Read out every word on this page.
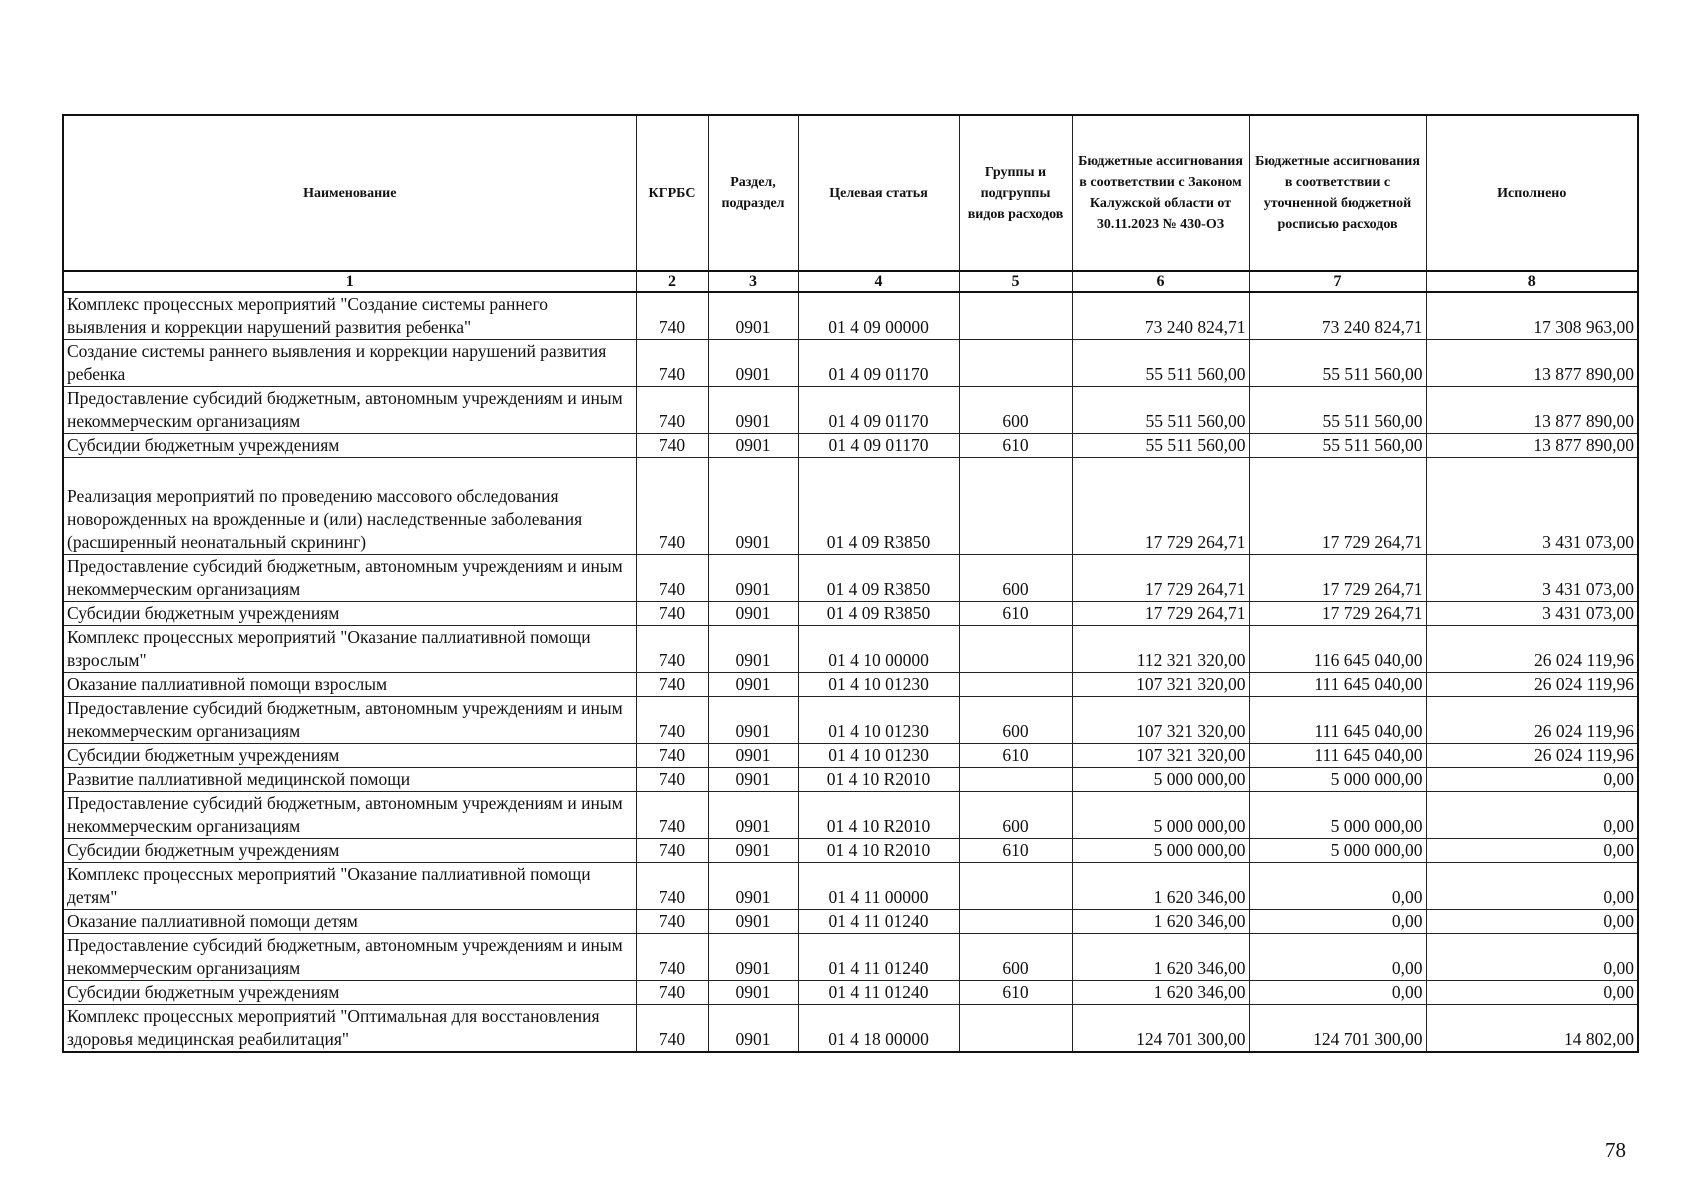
Наименование	КГРБС	Раздел, подраздел	Целевая статья	Группы и подгруппы видов расходов	Бюджетные ассигнования в соответствии с Законом Калужской области от 30.11.2023 № 430-ОЗ	Бюджетные ассигнования в соответствии с уточненной бюджетной росписью расходов	Исполнено
1	2	3	4	5	6	7	8
Комплекс процессных мероприятий "Создание системы раннего выявления и коррекции нарушений развития ребенка"	740	0901	01 4 09 00000		73 240 824,71	73 240 824,71	17 308 963,00
Создание системы раннего выявления и коррекции нарушений развития ребенка	740	0901	01 4 09 01170		55 511 560,00	55 511 560,00	13 877 890,00
Предоставление субсидий бюджетным, автономным учреждениям и иным некоммерческим организациям	740	0901	01 4 09 01170	600	55 511 560,00	55 511 560,00	13 877 890,00
Субсидии бюджетным учреждениям	740	0901	01 4 09 01170	610	55 511 560,00	55 511 560,00	13 877 890,00
Реализация мероприятий по проведению массового обследования новорожденных на врожденные и (или) наследственные заболевания (расширенный неонатальный скрининг)	740	0901	01 4 09 R3850		17 729 264,71	17 729 264,71	3 431 073,00
Предоставление субсидий бюджетным, автономным учреждениям и иным некоммерческим организациям	740	0901	01 4 09 R3850	600	17 729 264,71	17 729 264,71	3 431 073,00
Субсидии бюджетным учреждениям	740	0901	01 4 09 R3850	610	17 729 264,71	17 729 264,71	3 431 073,00
Комплекс процессных мероприятий "Оказание паллиативной помощи взрослым"	740	0901	01 4 10 00000		112 321 320,00	116 645 040,00	26 024 119,96
Оказание паллиативной помощи взрослым	740	0901	01 4 10 01230		107 321 320,00	111 645 040,00	26 024 119,96
Предоставление субсидий бюджетным, автономным учреждениям и иным некоммерческим организациям	740	0901	01 4 10 01230	600	107 321 320,00	111 645 040,00	26 024 119,96
Субсидии бюджетным учреждениям	740	0901	01 4 10 01230	610	107 321 320,00	111 645 040,00	26 024 119,96
Развитие паллиативной медицинской помощи	740	0901	01 4 10 R2010		5 000 000,00	5 000 000,00	0,00
Предоставление субсидий бюджетным, автономным учреждениям и иным некоммерческим организациям	740	0901	01 4 10 R2010	600	5 000 000,00	5 000 000,00	0,00
Субсидии бюджетным учреждениям	740	0901	01 4 10 R2010	610	5 000 000,00	5 000 000,00	0,00
Комплекс процессных мероприятий "Оказание паллиативной помощи детям"	740	0901	01 4 11 00000		1 620 346,00	0,00	0,00
Оказание паллиативной помощи детям	740	0901	01 4 11 01240		1 620 346,00	0,00	0,00
Предоставление субсидий бюджетным, автономным учреждениям и иным некоммерческим организациям	740	0901	01 4 11 01240	600	1 620 346,00	0,00	0,00
Субсидии бюджетным учреждениям	740	0901	01 4 11 01240	610	1 620 346,00	0,00	0,00
Комплекс процессных мероприятий "Оптимальная для восстановления здоровья медицинская реабилитация"	740	0901	01 4 18 00000		124 701 300,00	124 701 300,00	14 802,00
78
